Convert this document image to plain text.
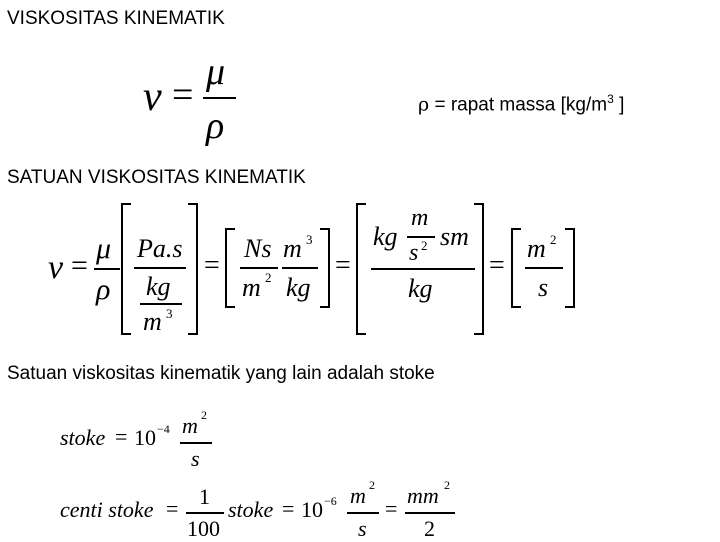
VISKOSITAS KINEMATIK
ν =
μ
ρ
ρ = rapat massa [$kg/m^3$ ]
SATUAN VISKOSITAS KINEMATIK
ν =
μ
ρ
Pa.s
kg
m 3
=
Ns
m 2
m 3
kg
=
kg
m
s 2 sm
kg
=
m 2
s
Satuan viskositas kinematik yang lain adalah stoke
stoke = 10 −4 m 2
s
centi stoke = 1
100
stoke = 10 −6 m 2
s
=
mm 2
2
